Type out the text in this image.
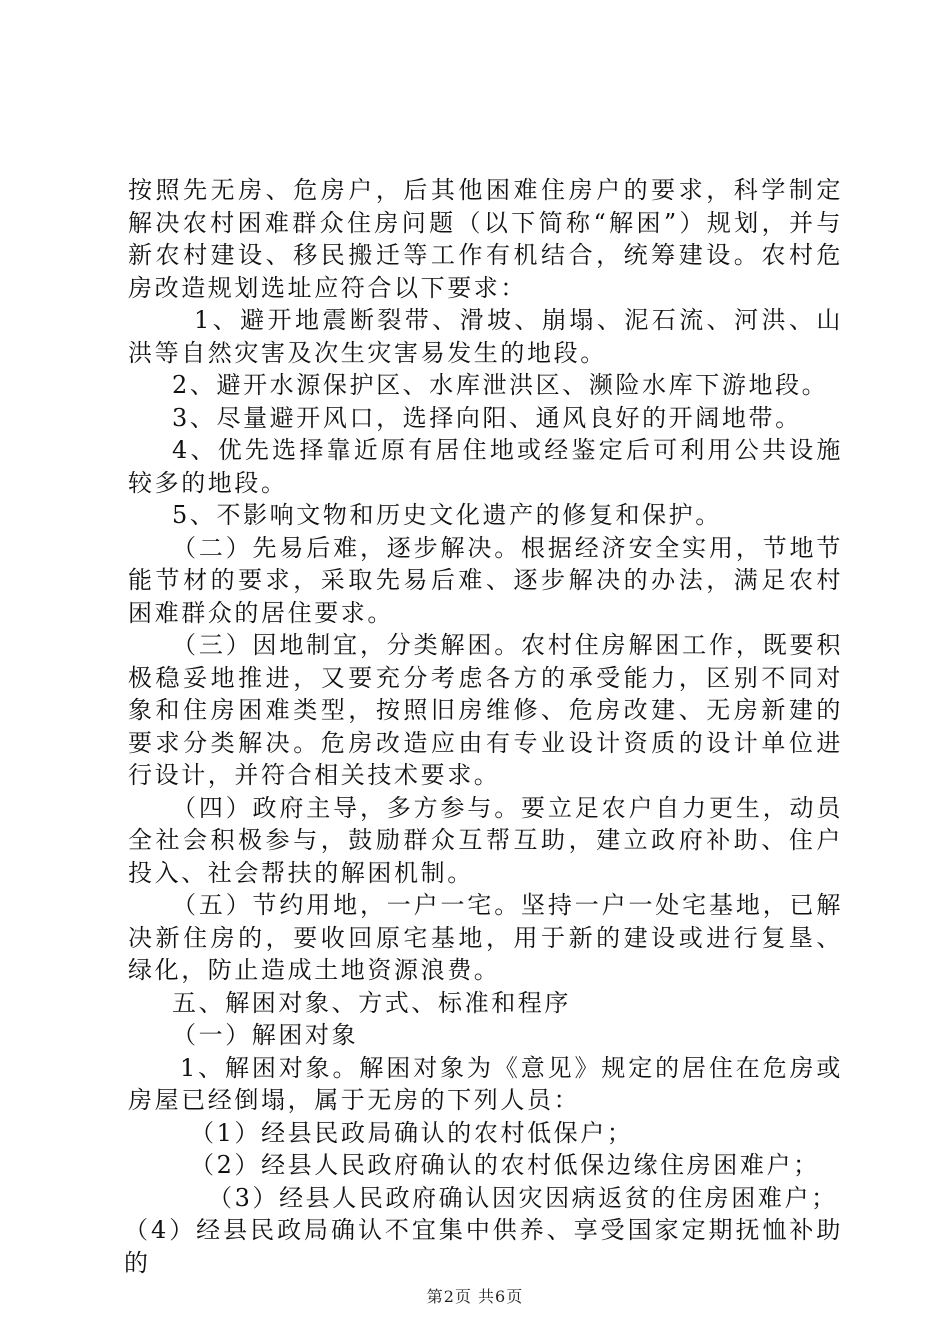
按照先无房、危房户，后其他困难住房户的要求，科学制定解决农村困难群众住房问题（以下简称“解困”）规划，并与新农村建设、移民搬迁等工作有机结合，统筹建设。农村危房改造规划选址应符合以下要求：

1、避开地震断裂带、滑坡、崩塌、泥石流、河洪、山洪等自然灾害及次生灾害易发生的地段。

2、避开水源保护区、水库泄洪区、濒险水库下游地段。

3、尽量避开风口，选择向阳、通风良好的开阔地带。

4、优先选择靠近原有居住地或经鉴定后可利用公共设施较多的地段。

5、不影响文物和历史文化遗产的修复和保护。

（二）先易后难，逐步解决。根据经济安全实用，节地节能节材的要求，采取先易后难、逐步解决的办法，满足农村困难群众的居住要求。

（三）因地制宜，分类解困。农村住房解困工作，既要积极稳妥地推进，又要充分考虑各方的承受能力，区别不同对象和住房困难类型，按照旧房维修、危房改建、无房新建的要求分类解决。危房改造应由有专业设计资质的设计单位进行设计，并符合相关技术要求。

（四）政府主导，多方参与。要立足农户自力更生，动员全社会积极参与，鼓励群众互帮互助，建立政府补助、住户投入、社会帮扶的解困机制。

（五）节约用地，一户一宅。坚持一户一处宅基地，已解决新住房的，要收回原宅基地，用于新的建设或进行复垦、绿化，防止造成土地资源浪费。

五、解困对象、方式、标准和程序

（一）解困对象

1、解困对象。解困对象为《意见》规定的居住在危房或房屋已经倒塌，属于无房的下列人员：

（1）经县民政局确认的农村低保户；

（2）经县人民政府确认的农村低保边缘住房困难户；

（3）经县人民政府确认因灾因病返贫的住房困难户；

（4）经县民政局确认不宜集中供养、享受国家定期抚恤补助的

第2页 共6页
